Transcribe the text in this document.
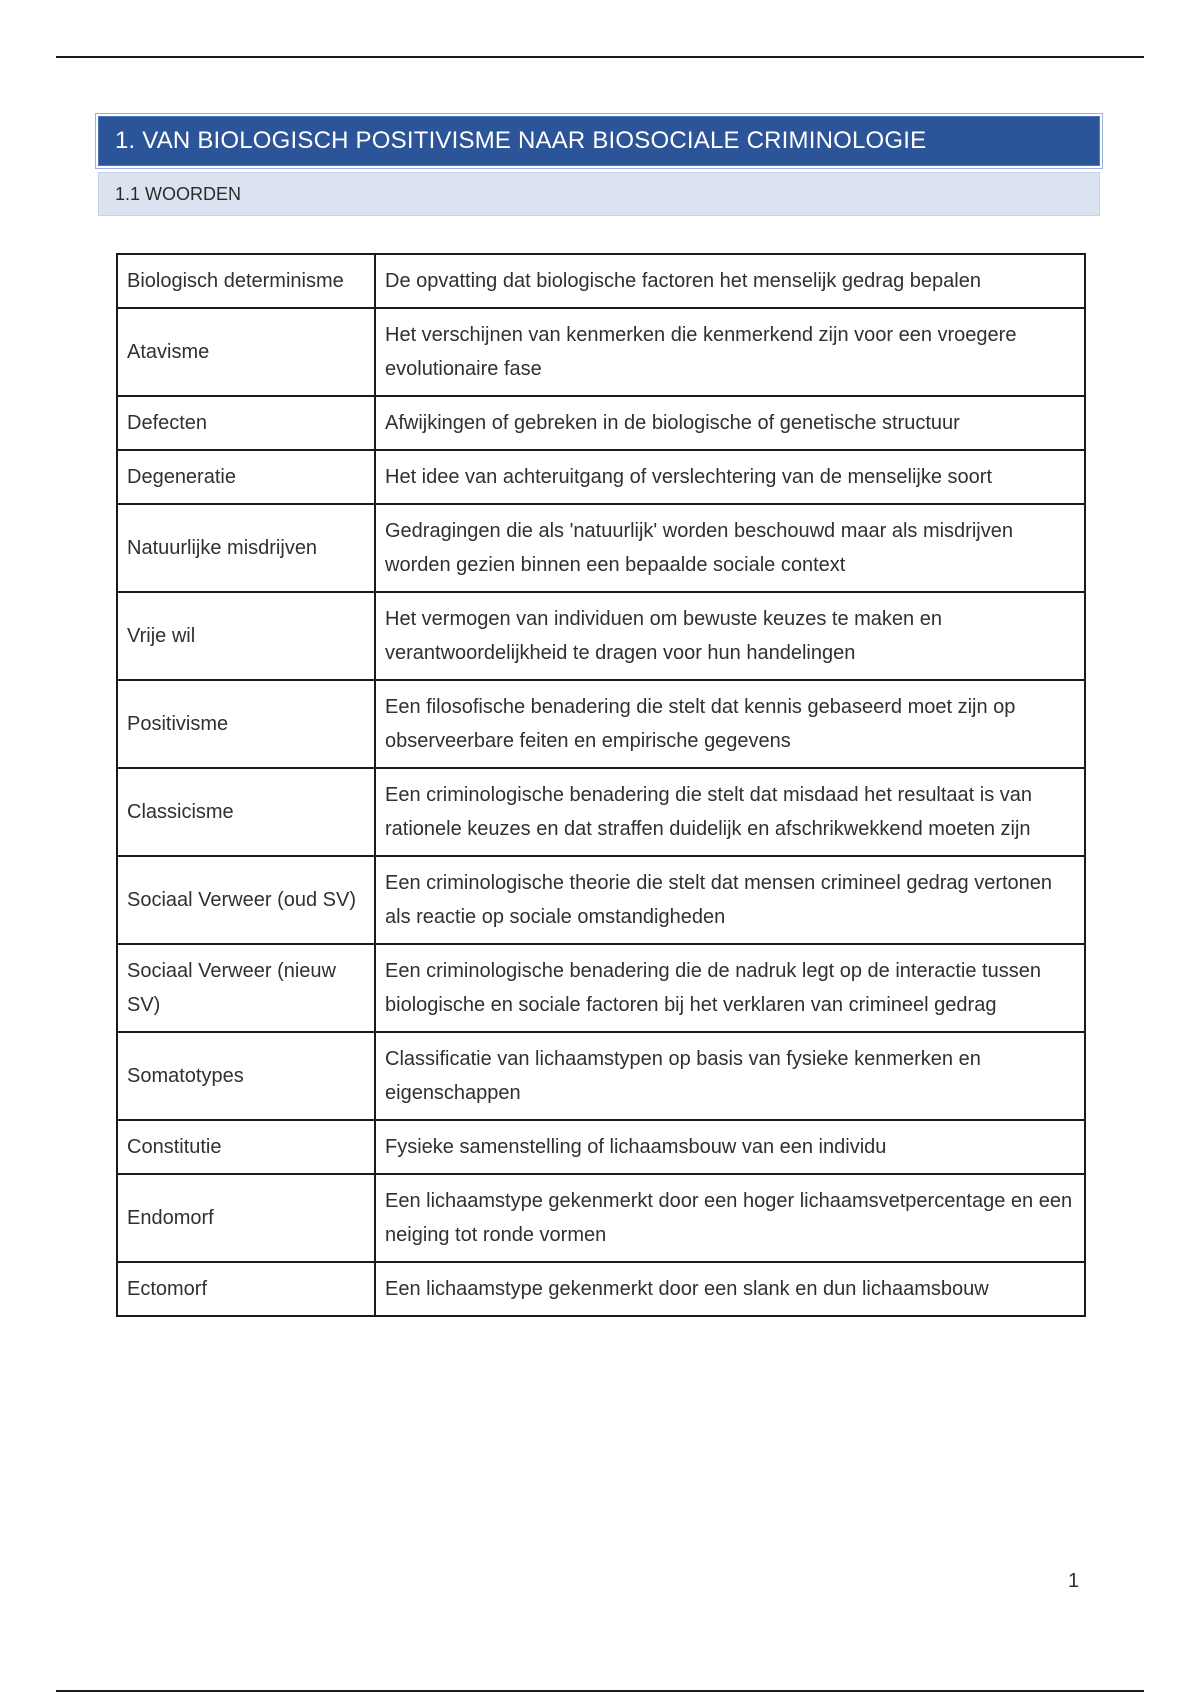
1. VAN BIOLOGISCH POSITIVISME NAAR BIOSOCIALE CRIMINOLOGIE
1.1 WOORDEN
Biologisch determinisme	De opvatting dat biologische factoren het menselijk gedrag bepalen
Atavisme	Het verschijnen van kenmerken die kenmerkend zijn voor een vroegere evolutionaire fase
Defecten	Afwijkingen of gebreken in de biologische of genetische structuur
Degeneratie	Het idee van achteruitgang of verslechtering van de menselijke soort
Natuurlijke misdrijven	Gedragingen die als 'natuurlijk' worden beschouwd maar als misdrijven worden gezien binnen een bepaalde sociale context
Vrije wil	Het vermogen van individuen om bewuste keuzes te maken en verantwoordelijkheid te dragen voor hun handelingen
Positivisme	Een filosofische benadering die stelt dat kennis gebaseerd moet zijn op observeerbare feiten en empirische gegevens
Classicisme	Een criminologische benadering die stelt dat misdaad het resultaat is van rationele keuzes en dat straffen duidelijk en afschrikwekkend moeten zijn
Sociaal Verweer (oud SV)	Een criminologische theorie die stelt dat mensen crimineel gedrag vertonen als reactie op sociale omstandigheden
Sociaal Verweer (nieuw SV)	Een criminologische benadering die de nadruk legt op de interactie tussen biologische en sociale factoren bij het verklaren van crimineel gedrag
Somatotypes	Classificatie van lichaamstypen op basis van fysieke kenmerken en eigenschappen
Constitutie	Fysieke samenstelling of lichaamsbouw van een individu
Endomorf	Een lichaamstype gekenmerkt door een hoger lichaamsvetpercentage en een neiging tot ronde vormen
Ectomorf	Een lichaamstype gekenmerkt door een slank en dun lichaamsbouw
1
